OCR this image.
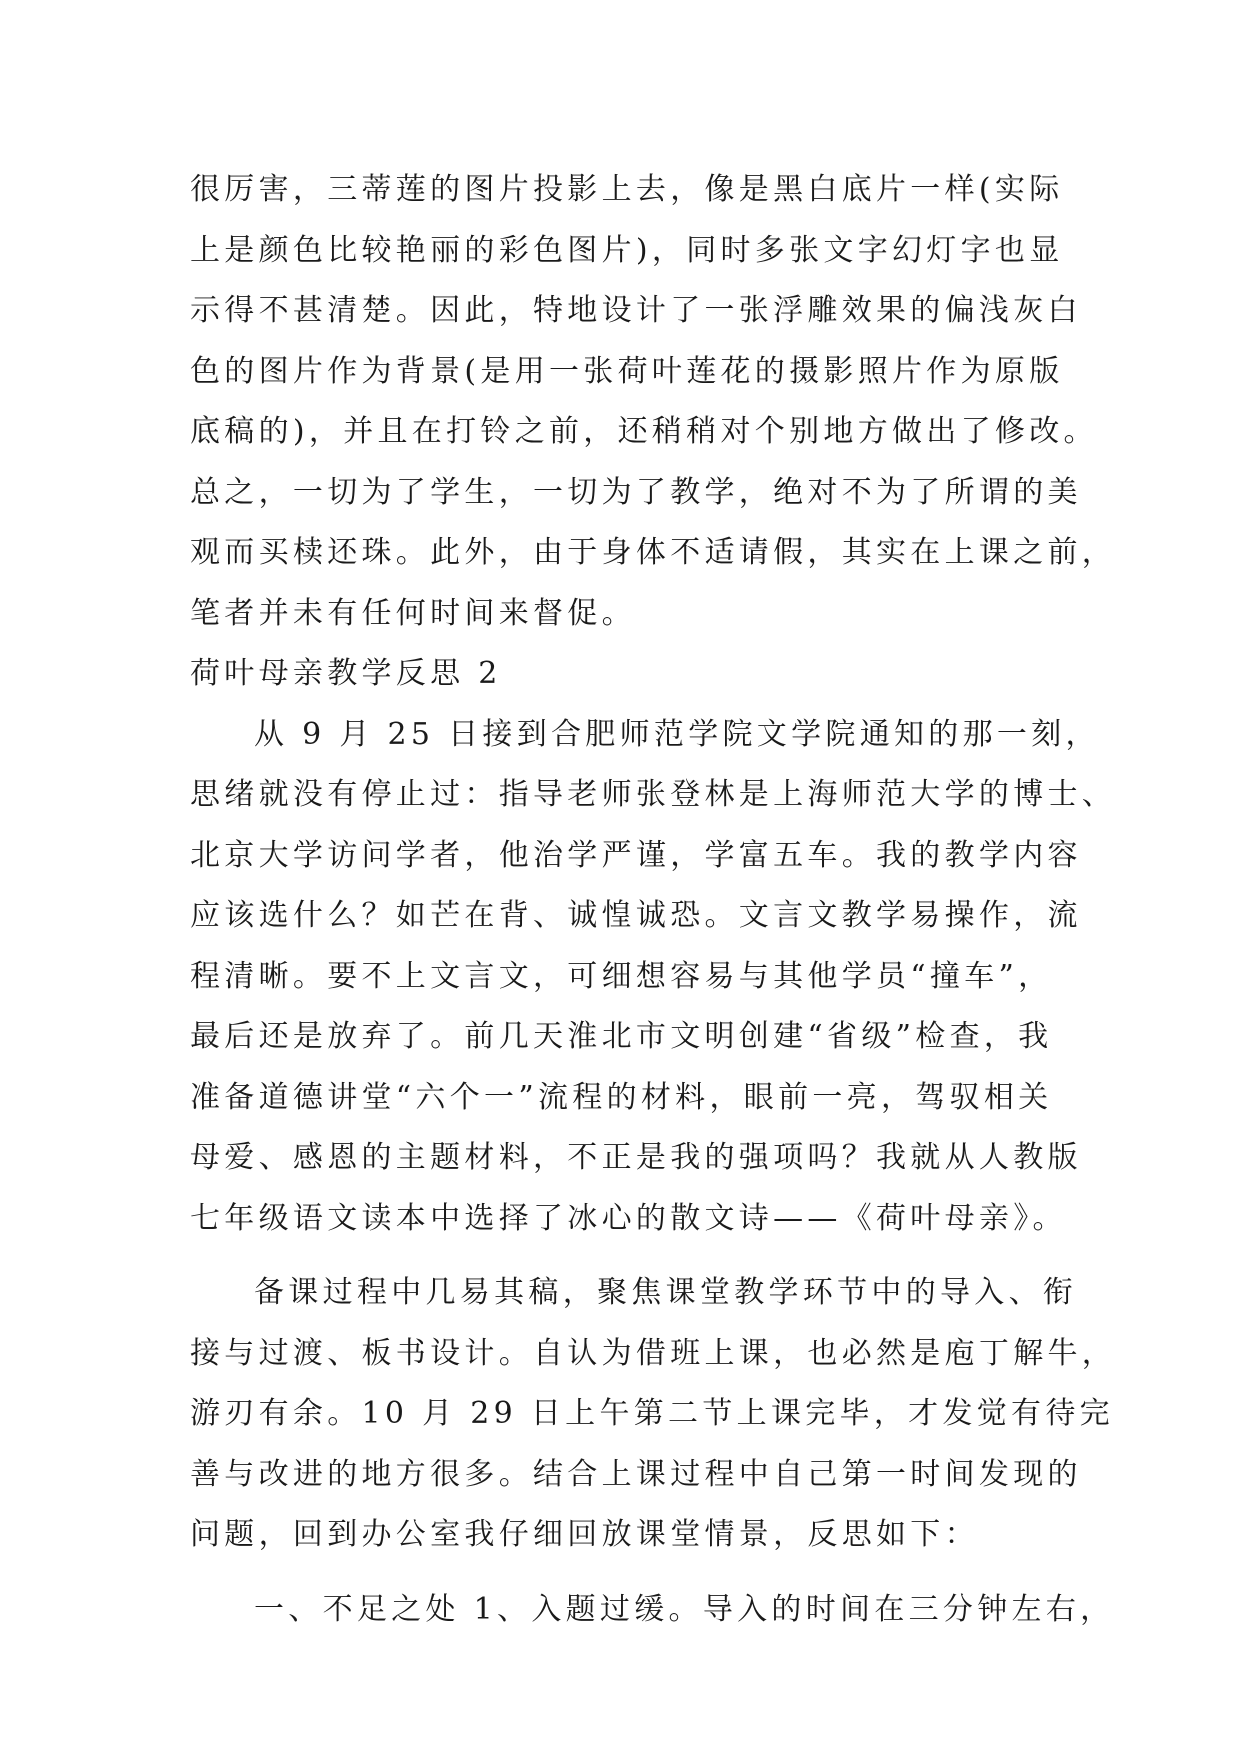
很厉害，三蒂莲的图片投影上去，像是黑白底片一样(实际
上是颜色比较艳丽的彩色图片)，同时多张文字幻灯字也显
示得不甚清楚。因此，特地设计了一张浮雕效果的偏浅灰白
色的图片作为背景(是用一张荷叶莲花的摄影照片作为原版
底稿的)，并且在打铃之前，还稍稍对个别地方做出了修改。
总之，一切为了学生，一切为了教学，绝对不为了所谓的美
观而买椟还珠。此外，由于身体不适请假，其实在上课之前，
笔者并未有任何时间来督促。
荷叶母亲教学反思 2
从 9 月 25 日接到合肥师范学院文学院通知的那一刻，
思绪就没有停止过：指导老师张登林是上海师范大学的博士、
北京大学访问学者，他治学严谨，学富五车。我的教学内容
应该选什么？如芒在背、诚惶诚恐。文言文教学易操作，流
程清晰。要不上文言文，可细想容易与其他学员“撞车”，
最后还是放弃了。前几天淮北市文明创建“省级”检查，我
准备道德讲堂“六个一”流程的材料，眼前一亮，驾驭相关
母爱、感恩的主题材料，不正是我的强项吗？我就从人教版
七年级语文读本中选择了冰心的散文诗——《荷叶母亲》。
备课过程中几易其稿，聚焦课堂教学环节中的导入、衔
接与过渡、板书设计。自认为借班上课，也必然是庖丁解牛，
游刃有余。10 月 29 日上午第二节上课完毕，才发觉有待完
善与改进的地方很多。结合上课过程中自己第一时间发现的
问题，回到办公室我仔细回放课堂情景，反思如下：
一、不足之处 1、入题过缓。导入的时间在三分钟左右，
